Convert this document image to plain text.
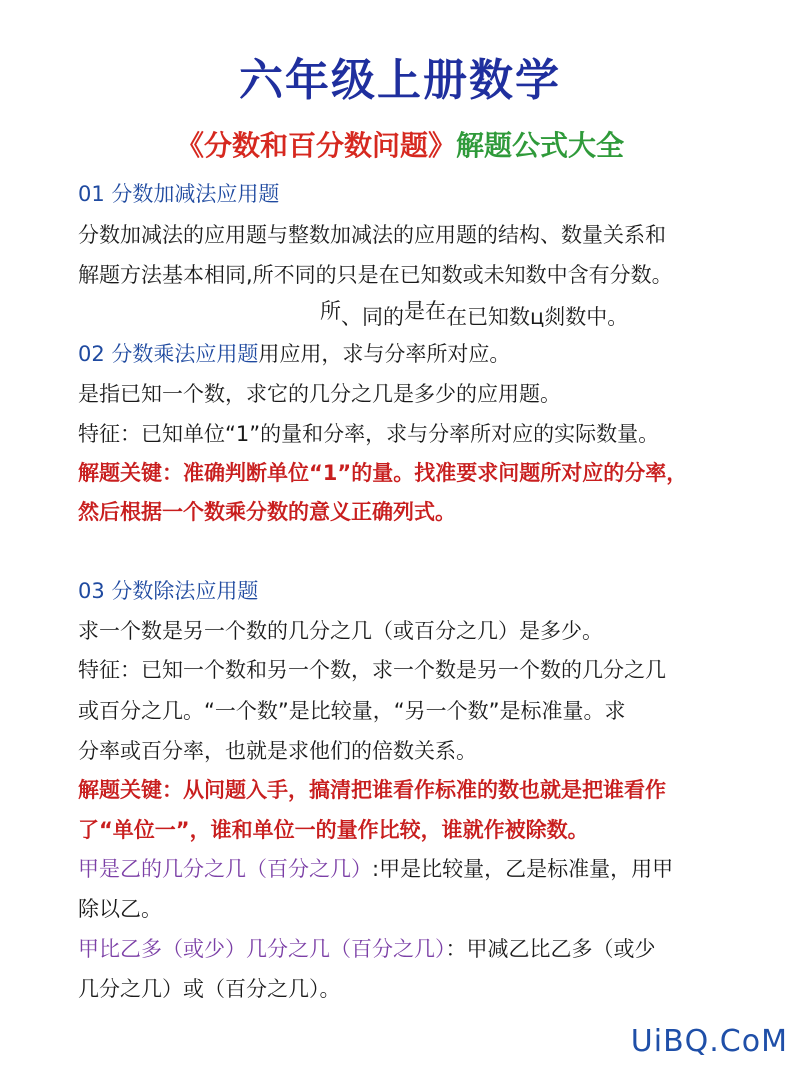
六年级上册数学
《分数和百分数问题》解题公式大全
01 分数加减法应用题
分数加减法的应用题与整数加减法的应用题的结构、数量关系和
解题方法基本相同,所不同的只是在已知数或未知数中含有分数。
所、同的是在在已知数ц剡数中。
02 分数乘法应用题用应用，求与分率所对应。
是指已知一个数，求它的几分之几是多少的应用题。
特征：已知单位“1”的量和分率，求与分率所对应的实际数量。
解题关键：准确判断单位“1”的量。找准要求问题所对应的分率，
然后根据一个数乘分数的意义正确列式。
03 分数除法应用题
求一个数是另一个数的几分之几（或百分之几）是多少。
特征：已知一个数和另一个数，求一个数是另一个数的几分之几
或百分之几。“一个数”是比较量，“另一个数”是标准量。求
分率或百分率，也就是求他们的倍数关系。
解题关键：从问题入手，搞清把谁看作标准的数也就是把谁看作
了“单位一”，谁和单位一的量作比较，谁就作被除数。
甲是乙的几分之几（百分之几）:甲是比较量，乙是标准量，用甲
除以乙。
甲比乙多（或少）几分之几（百分之几）：甲减乙比乙多（或少
几分之几）或（百分之几）。
UiBQ.CoM
